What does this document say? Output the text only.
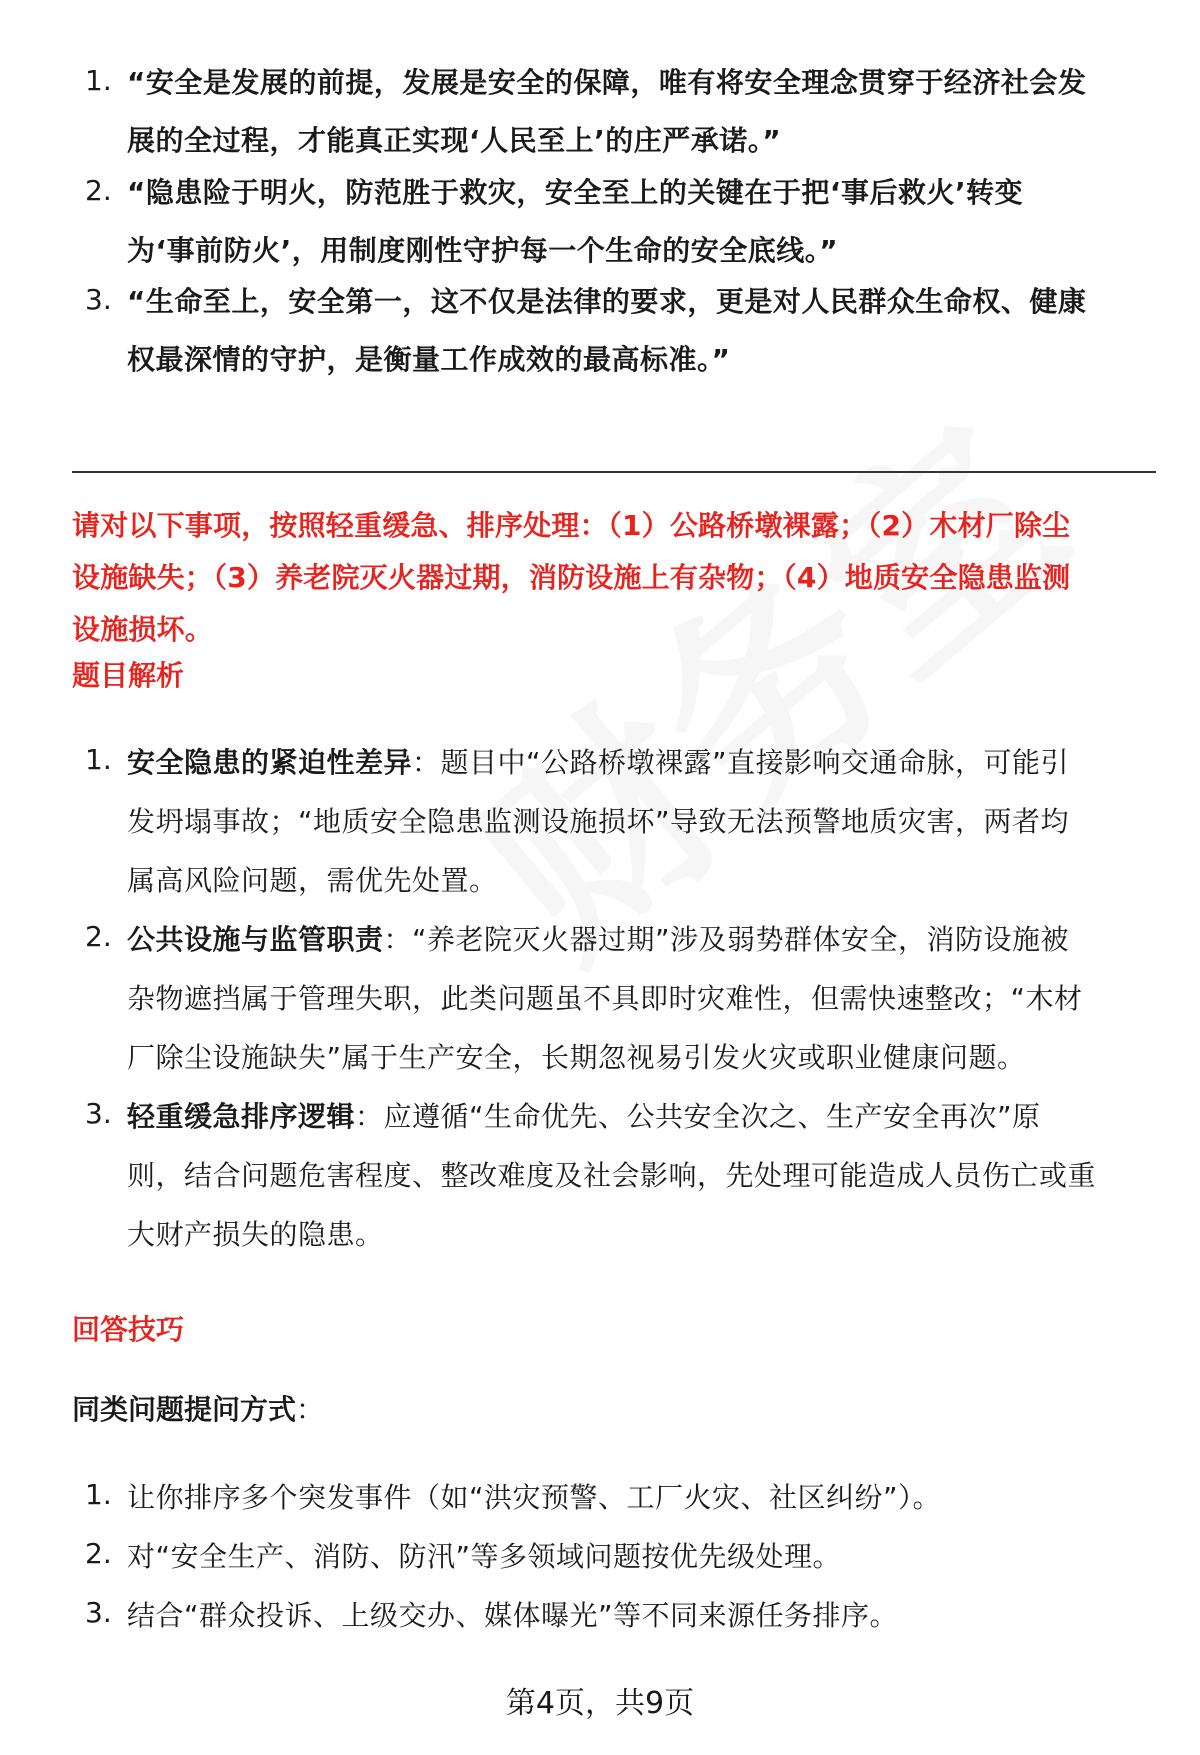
1. “安全是发展的前提，发展是安全的保障，唯有将安全理念贯穿于经济社会发
展的全过程，才能真正实现‘人民至上’的庄严承诺。”
2. “隐患险于明火，防范胜于救灾，安全至上的关键在于把‘事后救火’转变
为‘事前防火’，用制度刚性守护每一个生命的安全底线。”
3. “生命至上，安全第一，这不仅是法律的要求，更是对人民群众生命权、健康
权最深情的守护，是衡量工作成效的最高标准。”
请对以下事项，按照轻重缓急、排序处理：（1）公路桥墩裸露；（2）木材厂除尘
设施缺失；（3）养老院灭火器过期，消防设施上有杂物；（4）地质安全隐患监测
设施损坏。
题目解析
1. 安全隐患的紧迫性差异：题目中“公路桥墩裸露”直接影响交通命脉，可能引
发坍塌事故；“地质安全隐患监测设施损坏”导致无法预警地质灾害，两者均
属高风险问题，需优先处置。
2. 公共设施与监管职责：“养老院灭火器过期”涉及弱势群体安全，消防设施被
杂物遮挡属于管理失职，此类问题虽不具即时灾难性，但需快速整改；“木材
厂除尘设施缺失”属于生产安全，长期忽视易引发火灾或职业健康问题。
3. 轻重缓急排序逻辑：应遵循“生命优先、公共安全次之、生产安全再次”原
则，结合问题危害程度、整改难度及社会影响，先处理可能造成人员伤亡或重
大财产损失的隐患。
回答技巧
同类问题提问方式：
1. 让你排序多个突发事件（如“洪灾预警、工厂火灾、社区纠纷”）。
2. 对“安全生产、消防、防汛”等多领域问题按优先级处理。
3. 结合“群众投诉、上级交办、媒体曝光”等不同来源任务排序。
第4页，共9页
